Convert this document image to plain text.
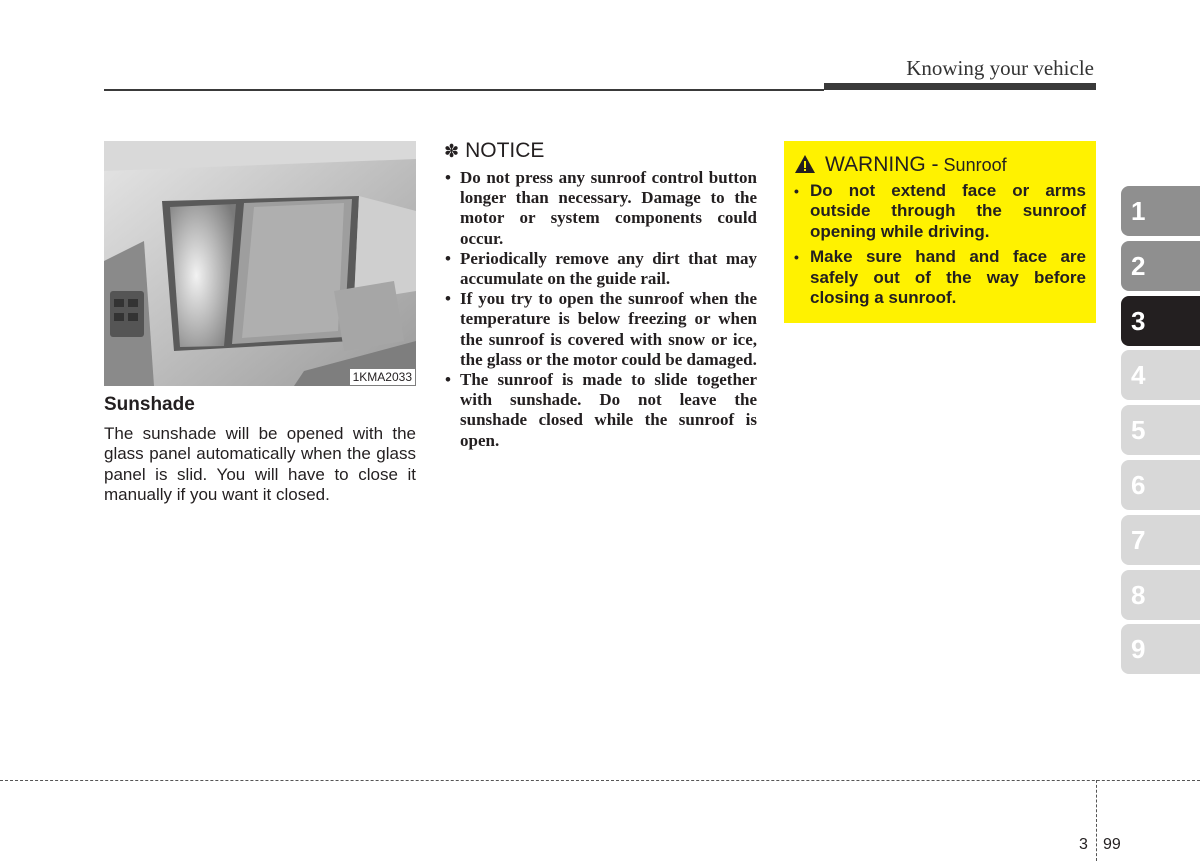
Knowing your vehicle
1KMA2033
Sunshade

The sunshade will be opened with the glass panel automatically when the glass panel is slid. You will have to close it manually if you want it closed.

✽ NOTICE
• Do not press any sunroof control button longer than necessary. Damage to the motor or system components could occur.
• Periodically remove any dirt that may accumulate on the guide rail.
• If you try to open the sunroof when the temperature is below freezing or when the sunroof is covered with snow or ice, the glass or the motor could be damaged.
• The sunroof is made to slide together with sunshade. Do not leave the sunshade closed while the sunroof is open.
WARNING - Sunroof
• Do not extend face or arms outside through the sunroof opening while driving.
• Make sure hand and face are safely out of the way before closing a sunroof.
1
2
3
4
5
6
7
8
9
3 99
